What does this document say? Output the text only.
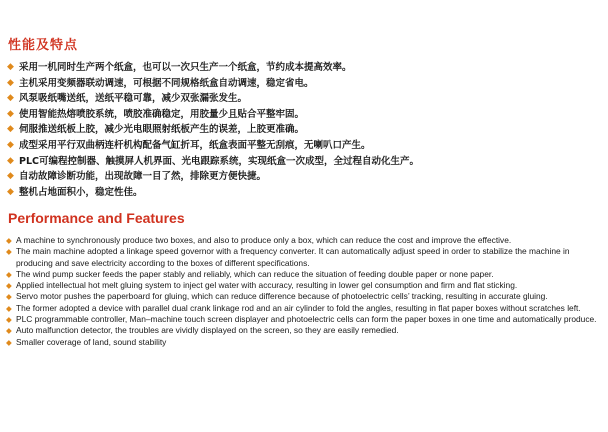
性能及特点
◆ 采用一机同时生产两个纸盒，也可以一次只生产一个纸盒，节约成本提高效率。
◆ 主机采用变频器联动调速，可根据不同规格纸盒自动调速，稳定省电。
◆ 风泵吸纸嘴送纸，送纸平稳可靠，减少双张漏张发生。
◆ 使用智能热熔喷胶系统，喷胶准确稳定，用胶量少且贴合平整牢固。
◆ 伺服推送纸板上胶，减少光电眼照射纸板产生的误差，上胶更准确。
◆ 成型采用平行双曲柄连杆机构配备气缸折耳，纸盒表面平整无刮痕，无喇叭口产生。
◆ PLC可编程控制器、触摸屏人机界面、光电跟踪系统，实现纸盒一次成型，全过程自动化生产。
◆ 自动故障诊断功能，出现故障一目了然，排除更方便快捷。
◆ 整机占地面积小，稳定性佳。
Performance and Features
◆ A machine to synchronously produce two boxes, and also to produce only a box, which can reduce the cost and improve the effective.
◆ The main machine adopted a linkage speed governor with a frequency converter. It can automatically adjust speed in order to stabilize the machine in producing and save electricity according to the boxes of different specifications.
◆ The wind pump sucker feeds the paper stably and reliably, which can reduce the situation of feeding double paper or none paper.
◆ Applied intellectual hot melt gluing system to inject gel water with accuracy, resulting in lower gel consumption and firm and flat sticking.
◆ Servo motor pushes the paperboard for gluing, which can reduce difference because of photoelectric cells’ tracking, resulting in accurate gluing.
◆ The former adopted a device with parallel dual crank linkage rod and an air cylinder to fold the angles, resulting in flat paper boxes without scratches left.
◆ PLC programmable controller, Man–machine touch screen displayer and photoelectric cells can form the paper boxes in one time and automatically produce.
◆ Auto malfunction detector, the troubles are vividly displayed on the screen, so they are easily remedied.
◆ Smaller coverage of land, sound stability
